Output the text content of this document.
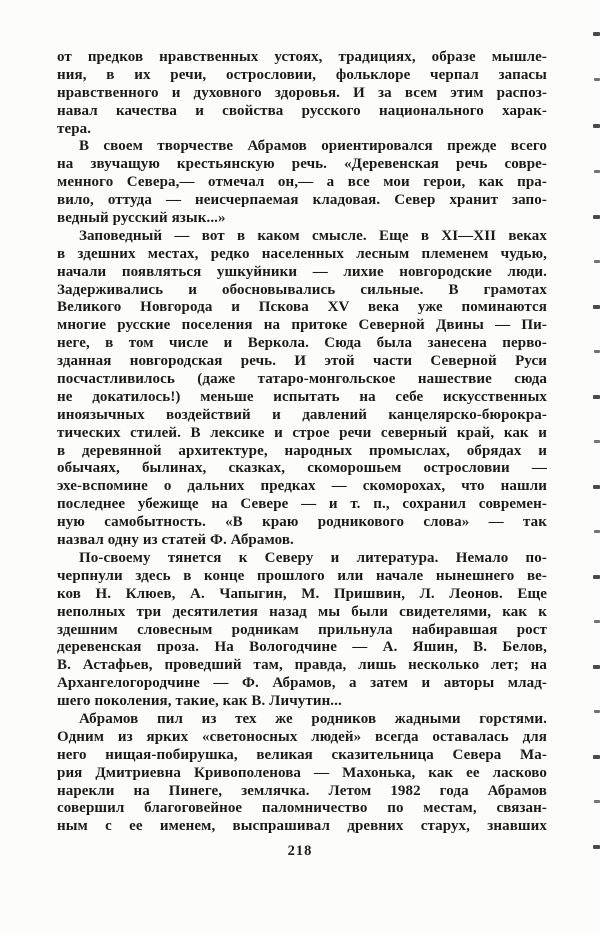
от предков нравственных устоях, традициях, образе мышле-
ния, в их речи, острословии, фольклоре черпал запасы
нравственного и духовного здоровья. И за всем этим распоз-
навал качества и свойства русского национального харак-
тера.
В своем творчестве Абрамов ориентировался прежде всего
на звучащую крестьянскую речь. «Деревенская речь совре-
менного Севера,— отмечал он,— а все мои герои, как пра-
вило, оттуда — неисчерпаемая кладовая. Север хранит запо-
ведный русский язык...»
Заповедный — вот в каком смысле. Еще в XI—XII веках
в здешних местах, редко населенных лесным племенем чудью,
начали появляться ушкуйники — лихие новгородские люди.
Задерживались и обосновывались сильные. В грамотах
Великого Новгорода и Пскова XV века уже поминаются
многие русские поселения на притоке Северной Двины — Пи-
неге, в том числе и Веркола. Сюда была занесена перво-
зданная новгородская речь. И этой части Северной Руси
посчастливилось (даже татаро-монгольское нашествие сюда
не докатилось!) меньше испытать на себе искусственных
иноязычных воздействий и давлений канцелярско-бюрокра-
тических стилей. В лексике и строе речи северный край, как и
в деревянной архитектуре, народных промыслах, обрядах и
обычаях, былинах, сказках, скоморошьем острословии —
эхе-вспомине о дальних предках — скоморохах, что нашли
последнее убежище на Севере — и т. п., сохранил современ-
ную самобытность. «В краю родникового слова» — так
назвал одну из статей Ф. Абрамов.
По-своему тянется к Северу и литература. Немало по-
черпнули здесь в конце прошлого или начале нынешнего ве-
ков Н. Клюев, А. Чапыгин, М. Пришвин, Л. Леонов. Еще
неполных три десятилетия назад мы были свидетелями, как к
здешним словесным родникам прильнула набиравшая рост
деревенская проза. На Вологодчине — А. Яшин, В. Белов,
В. Астафьев, проведший там, правда, лишь несколько лет; на
Архангелогородчине — Ф. Абрамов, а затем и авторы млад-
шего поколения, такие, как В. Личутин...
Абрамов пил из тех же родников жадными горстями.
Одним из ярких «светоносных людей» всегда оставалась для
него нищая-побирушка, великая сказительница Севера Ма-
рия Дмитриевна Кривополенова — Махонька, как ее ласково
нарекли на Пинеге, землячка. Летом 1982 года Абрамов
совершил благоговейное паломничество по местам, связан-
ным с ее именем, выспрашивал древних старух, знавших
218
